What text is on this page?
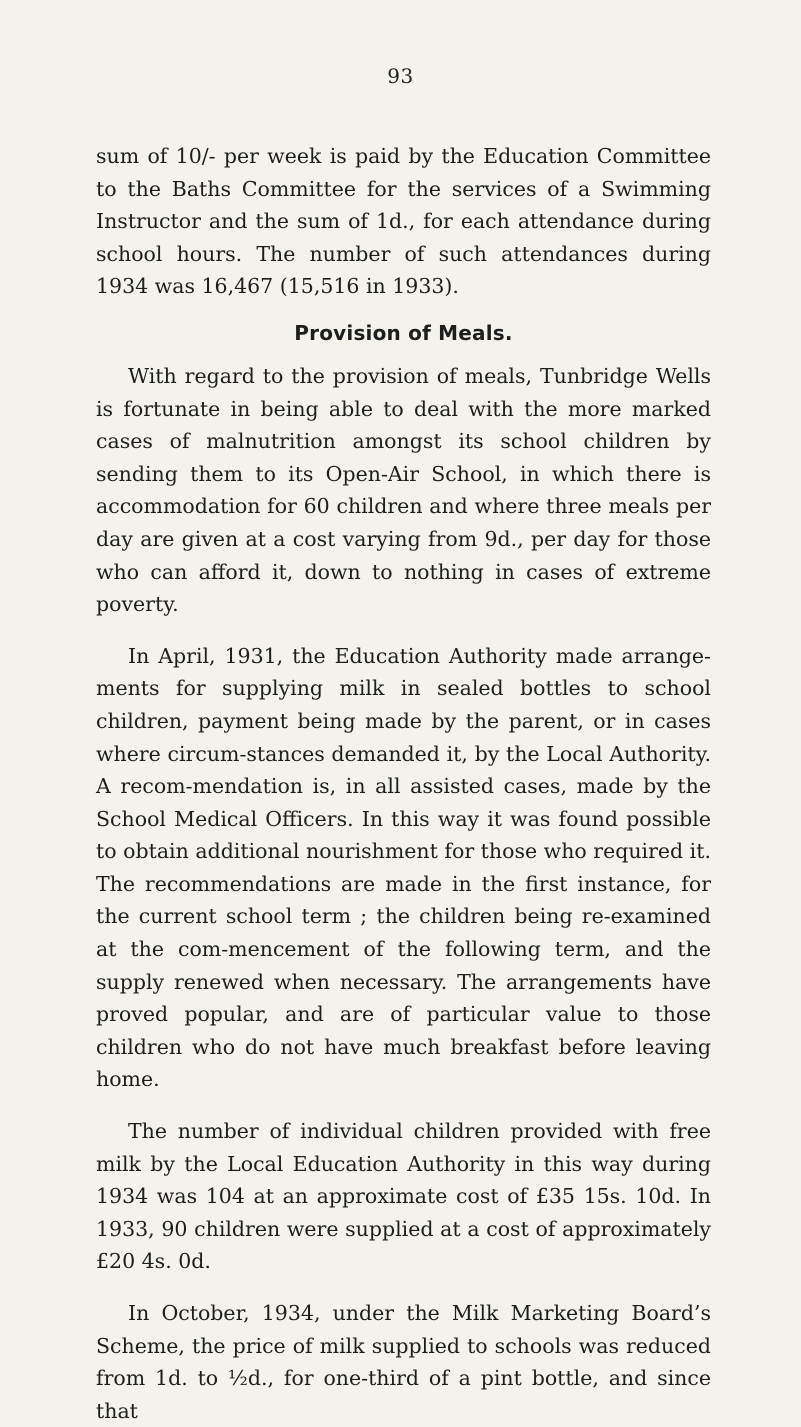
93

sum of 10/- per week is paid by the Education Committee to the Baths Committee for the services of a Swimming Instructor and the sum of 1d., for each attendance during school hours. The number of such attendances during 1934 was 16,467 (15,516 in 1933).

Provision of Meals.

With regard to the provision of meals, Tunbridge Wells is fortunate in being able to deal with the more marked cases of malnutrition amongst its school children by sending them to its Open-Air School, in which there is accommodation for 60 children and where three meals per day are given at a cost varying from 9d., per day for those who can afford it, down to nothing in cases of extreme poverty.

In April, 1931, the Education Authority made arrange-ments for supplying milk in sealed bottles to school children, payment being made by the parent, or in cases where circum-stances demanded it, by the Local Authority. A recom-mendation is, in all assisted cases, made by the School Medical Officers. In this way it was found possible to obtain additional nourishment for those who required it. The recommendations are made in the first instance, for the current school term ; the children being re-examined at the com-mencement of the following term, and the supply renewed when necessary. The arrangements have proved popular, and are of particular value to those children who do not have much breakfast before leaving home.

The number of individual children provided with free milk by the Local Education Authority in this way during 1934 was 104 at an approximate cost of £35 15s. 10d. In 1933, 90 children were supplied at a cost of approximately £20 4s. 0d.

In October, 1934, under the Milk Marketing Board’s Scheme, the price of milk supplied to schools was reduced from 1d. to ½d., for one-third of a pint bottle, and since that
